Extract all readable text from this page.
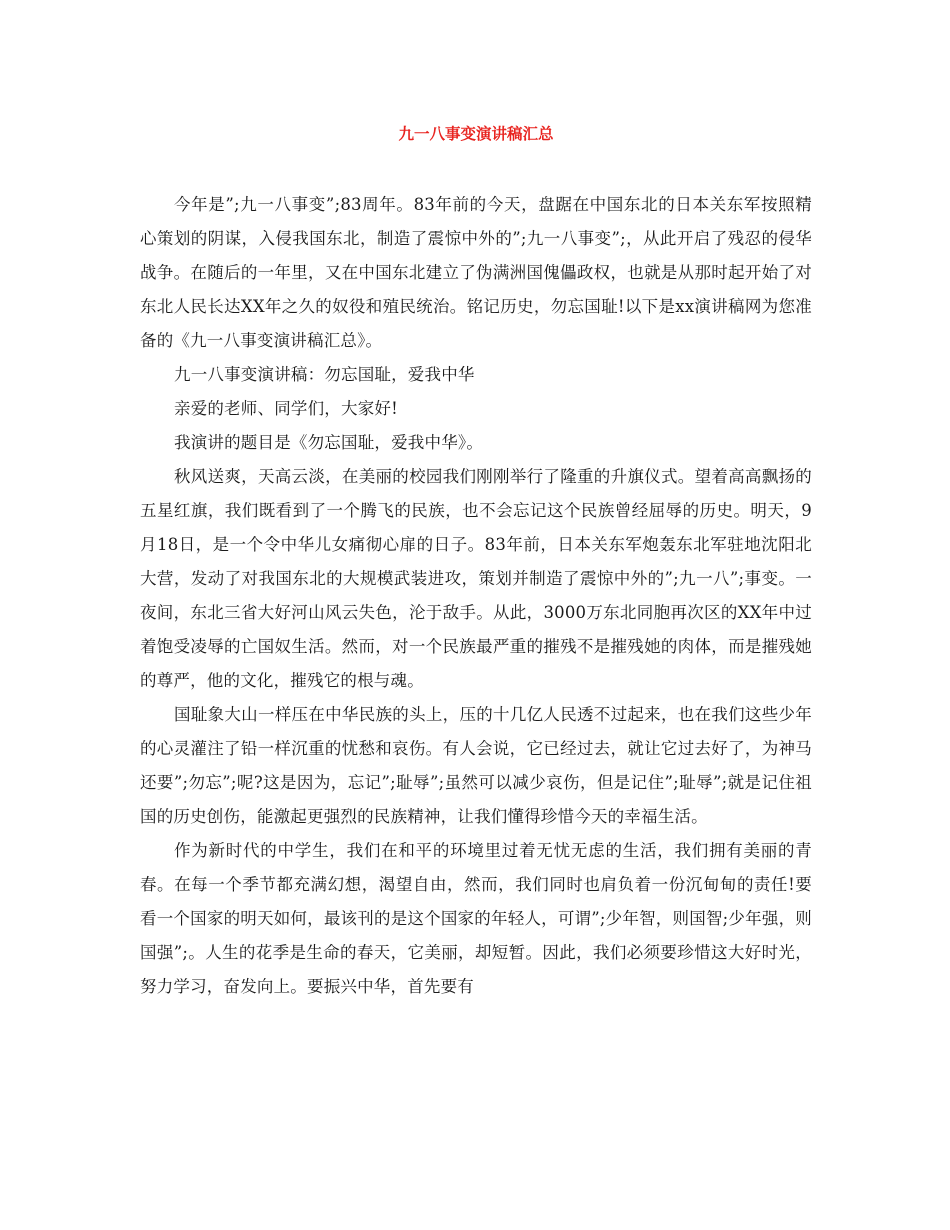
九一八事变演讲稿汇总

今年是”;九一八事变”;83周年。83年前的今天，盘踞在中国东北的日本关东军按照精心策划的阴谋，入侵我国东北，制造了震惊中外的”;九一八事变”;，从此开启了残忍的侵华战争。在随后的一年里，又在中国东北建立了伪满洲国傀儡政权，也就是从那时起开始了对东北人民长达XX年之久的奴役和殖民统治。铭记历史，勿忘国耻!以下是xx演讲稿网为您准备的《九一八事变演讲稿汇总》。

九一八事变演讲稿：勿忘国耻，爱我中华

亲爱的老师、同学们，大家好!

我演讲的题目是《勿忘国耻，爱我中华》。

秋风送爽，天高云淡，在美丽的校园我们刚刚举行了隆重的升旗仪式。望着高高飘扬的五星红旗，我们既看到了一个腾飞的民族，也不会忘记这个民族曾经屈辱的历史。明天，9月18日，是一个令中华儿女痛彻心扉的日子。83年前，日本关东军炮轰东北军驻地沈阳北大营，发动了对我国东北的大规模武装进攻，策划并制造了震惊中外的”;九一八”;事变。一夜间，东北三省大好河山风云失色，沦于敌手。从此，3000万东北同胞再次区的XX年中过着饱受凌辱的亡国奴生活。然而，对一个民族最严重的摧残不是摧残她的肉体，而是摧残她的尊严，他的文化，摧残它的根与魂。

国耻象大山一样压在中华民族的头上，压的十几亿人民透不过起来，也在我们这些少年的心灵灌注了铅一样沉重的忧愁和哀伤。有人会说，它已经过去，就让它过去好了，为神马还要”;勿忘”;呢?这是因为，忘记”;耻辱”;虽然可以减少哀伤，但是记住”;耻辱”;就是记住祖国的历史创伤，能激起更强烈的民族精神，让我们懂得珍惜今天的幸福生活。

作为新时代的中学生，我们在和平的环境里过着无忧无虑的生活，我们拥有美丽的青春。在每一个季节都充满幻想，渴望自由，然而，我们同时也肩负着一份沉甸甸的责任!要看一个国家的明天如何，最该刊的是这个国家的年轻人，可谓”;少年智，则国智;少年强，则国强”;。人生的花季是生命的春天，它美丽，却短暂。因此，我们必须要珍惜这大好时光，努力学习，奋发向上。要振兴中华，首先要有
